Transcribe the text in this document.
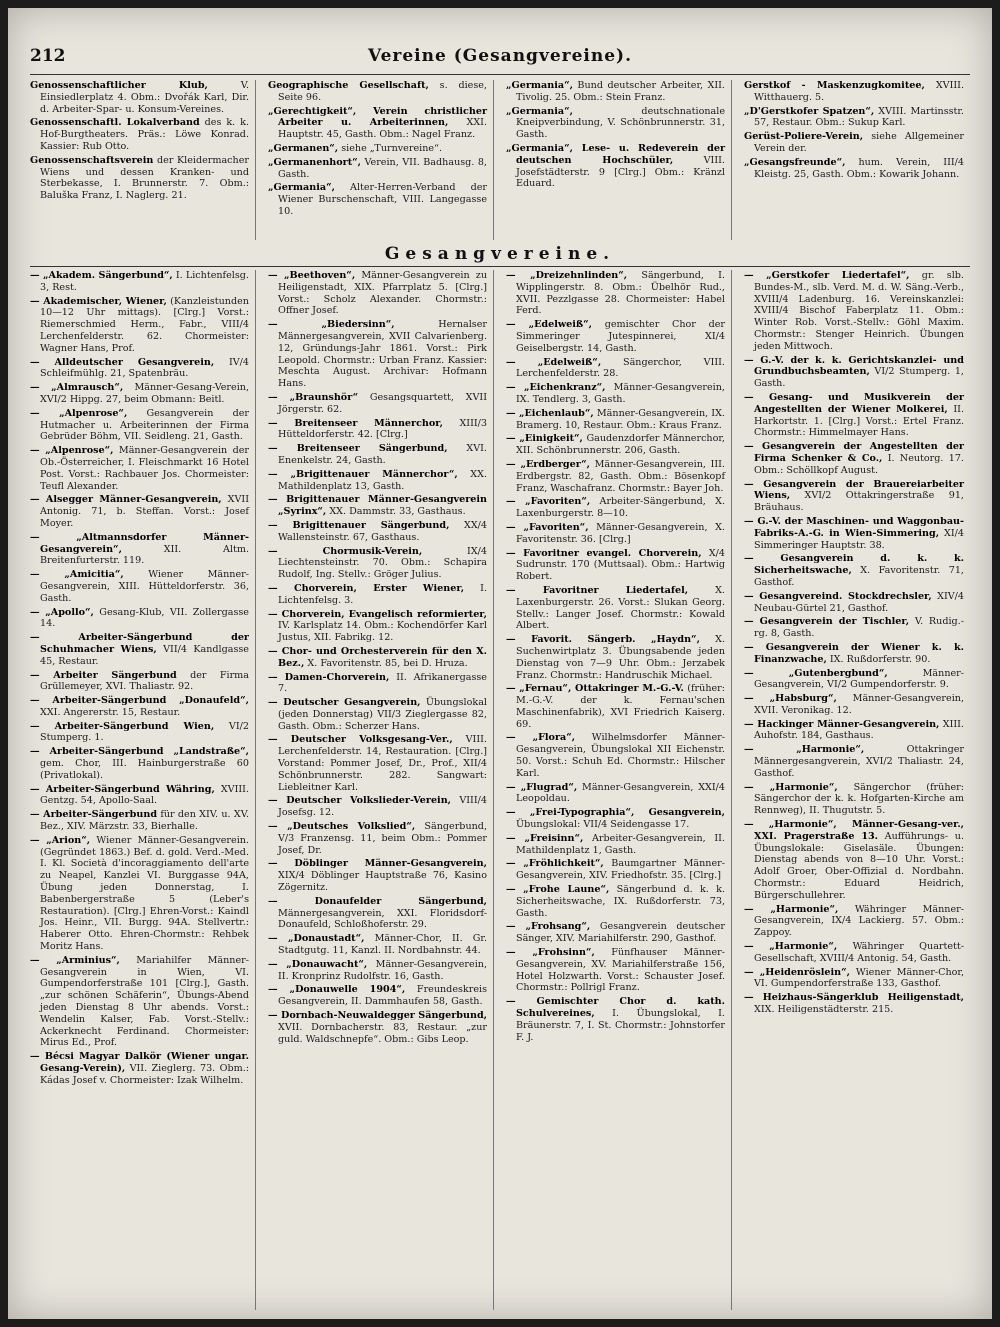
212	Vereine (Gesangvereine).
Genossenschaftlicher Klub,	V. Einsiedlerplatz 4. Obm.: Dvořák Karl, Dir. d. Arbeiter-Spar- u. Konsum-Vereines.
Genossenschaftl. Lokalverband des k. k. Hof-Burgtheaters. Präs.: Löwe Konrad. Kassier: Rub Otto.
Genossenschaftsverein der Kleidermacher Wiens und dessen Kranken- und Sterbekasse, I. Brunnerstr. 7. Obm.: Baluška Franz, I. Naglerg. 21.
Geographische Gesellschaft, s. diese, Seite 96.
„Gerechtigkeit“, Verein christlicher Arbeiter u. Arbeiterinnen, XXI. Hauptstr. 45, Gasth. Obm.: Nagel Franz.
„Germanen“, siehe „Turnvereine“.
„Germanenhort“, Verein, VII. Badhausg. 8, Gasth.
„Germania“, Alter-Herren-Verband der Wiener Burschenschaft, VIII. Langegasse 10.
„Germania“, Bund deutscher Arbeiter, XII. Tivolig. 25. Obm.: Stein Franz.
„Germania“,	deutschnationale Kneipverbindung, V. Schönbrunnerstr. 31, Gasth.
„Germania“, Lese- u. Redeverein der deutschen Hochschüler,	VIII. Josefstädterstr. 9 [Clrg.] Obm.: Kränzl Eduard.
Gerstkof - Maskenzugkomitee, XVIII. Witthauerg. 5.
„D'Gerstkofer Spatzen“, XVIII. Martinsstr. 57, Restaur. Obm.: Sukup Karl.
Gerüst-Poliere-Verein, siehe Allgemeiner Verein der.
„Gesangsfreunde“, hum. Verein, III/4 Kleistg. 25, Gasth. Obm.: Kowarik Johann.
Gesangvereine.
— „Akadem. Sängerbund“, I. Lichtenfelsg. 3, Rest.
— Akademischer, Wiener, (Kanzleistunden 10—12 Uhr mittags). [Clrg.] Vorst.: Riemerschmied Herm., Fabr., VIII/4 Lerchenfelderstr. 62. Chormeister: Wagner Hans, Prof.
— Alldeutscher Gesangverein, IV/4 Schleifmühlg. 21, Spatenbräu.
— „Almrausch“, Männer-Gesang-Verein, XVI/2 Hippg. 27, beim Obmann: Beitl.
— „Alpenrose“, Gesangverein der Hutmacher u. Arbeiterinnen der Firma Gebrüder Böhm, VII. Seidleng. 21, Gasth.
— „Alpenrose“, Männer-Gesangverein der Ob.-Österreicher, I. Fleischmarkt 16 Hotel Post. Vorst.: Rachbauer Jos. Chormeister: Teufl Alexander.
— Alsegger Männer-Gesangverein, XVII Antonig. 71, b. Steffan. Vorst.: Josef Moyer.
— „Altmannsdorfer Männer-Gesangverein“,	XII. Altm. Breitenfurterstr. 119.
— „Amicitia“,	Wiener Männer-Gesangverein, XIII. Hütteldorferstr. 36, Gasth.
— „Apollo“, Gesang-Klub, VII. Zollergasse 14.
— Arbeiter-Sängerbund der Schuhmacher Wiens, VII/4 Kandlgasse 45, Restaur.
— Arbeiter Sängerbund der Firma Grüllemeyer, XVI. Thaliastr. 92.
— Arbeiter-Sängerbund „Donaufeld“, XXI. Angererstr. 15, Restaur.
— Arbeiter-Sängerbund Wien, VI/2 Stumperg. 1.
— Arbeiter-Sängerbund „Landstraße“, gem. Chor, III. Hainburgerstraße 60 (Privatlokal).
— Arbeiter-Sängerbund Währing, XVIII. Gentzg. 54, Apollo-Saal.
— Arbeiter-Sängerbund für den XIV. u. XV. Bez., XIV. Märzstr. 33, Bierhalle.
— „Arion“, Wiener Männer-Gesangverein. (Gegründet 1863.) Bef. d. gold. Verd.-Med. I. Kl. Società d'incoraggiamento dell'arte zu Neapel, Kanzlei VI. Burggasse 94A, Übung jeden Donnerstag, I. Babenbergerstraße 5 (Leber's Restauration). [Clrg.] Ehren-Vorst.: Kaindl Jos. Heinr., VII. Burgg. 94A. Stellvertr.: Haberer Otto. Ehren-Chormstr.: Rehbek Moritz Hans.
— „Arminius“, Mariahilfer Männer-Gesangverein in Wien, VI. Gumpendorferstraße 101 [Clrg.], Gasth. „zur schönen Schäferin“, Übungs-Abend jeden Dienstag 8 Uhr abends. Vorst.: Wendelin Kalser, Fab. Vorst.-Stellv.: Ackerknecht Ferdinand. Chormeister: Mirus Ed., Prof.
— Bécsi Magyar Dalkör (Wiener ungar. Gesang-Verein), VII. Zieglerg. 73. Obm.: Kádas Josef v. Chormeister: Izak Wilhelm.
— „Beethoven“, Männer-Gesangverein zu Heiligenstadt, XIX. Pfarrplatz 5. [Clrg.] Vorst.: Scholz Alexander. Chormstr.: Offner Josef.
— „Biedersinn“,	Hernalser Männergesangverein, XVII Calvarienberg. 12, Gründungs-Jahr 1861. Vorst.: Pirk Leopold. Chormstr.: Urban Franz. Kassier: Meschta August. Archivar: Hofmann Hans.
— „Braunshör“ Gesangsquartett, XVII Jörgerstr. 62.
— Breitenseer Männerchor, XIII/3 Hütteldorferstr. 42. [Clrg.]
— Breitenseer Sängerbund, XVI. Enenkelstr. 24, Gasth.
— „Brigittenauer Männerchor“, XX. Mathildenplatz 13, Gasth.
— Brigittenauer Männer-Gesangverein „Syrinx“, XX. Dammstr. 33, Gasthaus.
— Brigittenauer Sängerbund, XX/4 Wallensteinstr. 67, Gasthaus.
— Chormusik-Verein,	IX/4 Liechtensteinstr. 70. Obm.: Schapira Rudolf, Ing. Stellv.: Gröger Julius.
— Chorverein, Erster Wiener, I. Lichtenfelsg. 3.
— Chorverein, Evangelisch reformierter, IV. Karlsplatz 14. Obm.: Kochendörfer Karl Justus, XII. Fabrikg. 12.
— Chor- und Orchesterverein für den X. Bez., X. Favoritenstr. 85, bei D. Hruza.
— Damen-Chorverein, II. Afrikanergasse 7.
— Deutscher Gesangverein, Übungslokal (jeden Donnerstag) VII/3 Zieglergasse 82, Gasth. Obm.: Scherzer Hans.
— Deutscher Volksgesang-Ver., VIII. Lerchenfelderstr. 14, Restauration. [Clrg.] Vorstand: Pommer Josef, Dr., Prof., XII/4 Schönbrunnerstr. 282. Sangwart: Liebleitner Karl.
— Deutscher Volkslieder-Verein, VIII/4 Josefsg. 12.
— „Deutsches Volkslied“, Sängerbund, V/3 Franzensg. 11, beim Obm.: Pommer Josef, Dr.
— Döblinger Männer-Gesangverein, XIX/4 Döblinger Hauptstraße 76, Kasino Zögernitz.
— Donaufelder Sängerbund, Männergesangverein, XXI. Floridsdorf-Donaufeld, Schloßhoferstr. 29.
— „Donaustadt“, Männer-Chor, II. Gr. Stadtgutg. 11, Kanzl. II. Nordbahnstr. 44.
— „Donauwacht“, Männer-Gesangverein, II. Kronprinz Rudolfstr. 16, Gasth.
— „Donauwelle 1904“, Freundeskreis Gesangverein, II. Dammhaufen 58, Gasth.
— Dornbach-Neuwaldegger Sängerbund, XVII. Dornbacherstr. 83, Restaur. „zur guld. Waldschnepfe“. Obm.: Gibs Leop.
— „Dreizehnlinden“, Sängerbund, I. Wipplingerstr. 8. Obm.: Übelhör Rud., XVII. Pezzlgasse 28. Chormeister: Habel Ferd.
— „Edelweiß“, gemischter Chor der Simmeringer Jutespinnerei, XI/4 Geiselbergstr. 14, Gasth.
— „Edelweiß“, Sängerchor, VIII. Lerchenfelderstr. 28.
— „Eichenkranz“, Männer-Gesangverein, IX. Tendlerg. 3, Gasth.
— „Eichenlaub“, Männer-Gesangverein, IX. Bramerg. 10, Restaur. Obm.: Kraus Franz.
— „Einigkeit“, Gaudenzdorfer Männerchor, XII. Schönbrunnerstr. 206, Gasth.
— „Erdberger“, Männer-Gesangverein, III. Erdbergstr. 82, Gasth. Obm.: Bösenkopf Franz, Waschafranz. Chormstr.: Bayer Joh.
— „Favoriten“, Arbeiter-Sängerbund, X. Laxenburgerstr. 8—10.
— „Favoriten“, Männer-Gesangverein, X. Favoritenstr. 36. [Clrg.]
— Favoritner evangel. Chorverein, X/4 Sudrunstr. 170 (Muttsaal). Obm.: Hartwig Robert.
— Favoritner Liedertafel,	X. Laxenburgerstr. 26. Vorst.: Slukan Georg. Stellv.: Langer Josef. Chormstr.: Kowald Albert.
— Favorit. Sängerb. „Haydn“, X. Suchenwirtplatz 3. Übungsabende jeden Dienstag von 7—9 Uhr. Obm.: Jerzabek Franz. Chormstr.: Handruschik Michael.
— „Fernau“, Ottakringer M.-G.-V. (früher: M.-G.-V. der k. Fernau'schen Maschinenfabrik), XVI Friedrich Kaiserg. 69.
— „Flora“, Wilhelmsdorfer Männer-Gesangverein, Übungslokal XII Eichenstr. 50. Vorst.: Schuh Ed. Chormstr.: Hilscher Karl.
— „Flugrad“, Männer-Gesangverein, XXI/4 Leopoldau.
— „Frei-Typographia“, Gesangverein, Übungslokal: VII/4 Seidengasse 17.
— „Freisinn“, Arbeiter-Gesangverein, II. Mathildenplatz 1, Gasth.
— „Fröhlichkeit“, Baumgartner Männer-Gesangverein, XIV. Friedhofstr. 35. [Clrg.]
— „Frohe Laune“, Sängerbund d. k. k. Sicherheitswache, IX. Rußdorferstr. 73, Gasth.
— „Frohsang“, Gesangverein deutscher Sänger, XIV. Mariahilferstr. 290, Gasthof.
— „Frohsinn“, Fünfhauser Männer-Gesangverein, XV. Mariahilferstraße 156, Hotel Holzwarth. Vorst.: Schauster Josef. Chormstr.: Pollrigl Franz.
— Gemischter Chor d. kath. Schulvereines, I. Übungslokal, I. Bräunerstr. 7, I. St. Chormstr.: Johnstorfer F. J.
— „Gerstkofer Liedertafel“, gr. slb. Bundes-M., slb. Verd. M. d. W. Säng.-Verb., XVIII/4 Ladenburg. 16. Vereinskanzlei: XVIII/4 Bischof Faberplatz 11. Obm.: Winter Rob. Vorst.-Stellv.: Göhl Maxim. Chormstr.: Stenger Heinrich. Übungen jeden Mittwoch.
— G.-V. der k. k. Gerichtskanzlei- und Grundbuchsbeamten, VI/2 Stumperg. 1, Gasth.
— Gesang- und Musikverein der Angestellten der Wiener Molkerei, II. Harkortstr. 1. [Clrg.] Vorst.: Ertel Franz. Chormstr.: Himmelmayer Hans.
— Gesangverein der Angestellten der Firma Schenker & Co., I. Neutorg. 17. Obm.: Schöllkopf August.
— Gesangverein der Brauereiarbeiter Wiens, XVI/2 Ottakringerstraße 91, Bräuhaus.
— G.-V. der Maschinen- und Waggonbau-Fabriks-A.-G. in Wien-Simmering, XI/4 Simmeringer Hauptstr. 38.
— Gesangverein d. k. k. Sicherheitswache, X. Favoritenstr. 71, Gasthof.
— Gesangvereind. Stockdrechsler, XIV/4 Neubau-Gürtel 21, Gasthof.
— Gesangverein der Tischler, V. Rudig.-rg. 8, Gasth.
— Gesangverein der Wiener k. k. Finanzwache, IX. Rußdorferstr. 90.
— „Gutenbergbund“,	Männer-Gesangverein, VI/2 Gumpendorferstr. 9.
— „Habsburg“, Männer-Gesangverein, XVII. Veronikag. 12.
— Hackinger Männer-Gesangverein, XIII. Auhofstr. 184, Gasthaus.
— „Harmonie“,	Ottakringer Männergesangverein, XVI/2 Thaliastr. 24, Gasthof.
— „Harmonie“, Sängerchor (früher: Sängerchor der k. k. Hofgarten-Kirche am Rennweg), II. Thugutstr. 5.
— „Harmonie“, Männer-Gesang-ver., XXI. Pragerstraße 13. Aufführungs- u. Übungslokale: Giselasäle. Übungen: Dienstag abends von 8—10 Uhr. Vorst.: Adolf Groer, Ober-Offizial d. Nordbahn. Chormstr.: Eduard Heidrich, Bürgerschullehrer.
— „Harmonie“, Währinger Männer-Gesangverein, IX/4 Lackierg. 57. Obm.: Zappoy.
— „Harmonie“, Währinger Quartett-Gesellschaft, XVIII/4 Antonig. 54, Gasth.
— „Heidenröslein“, Wiener Männer-Chor, VI. Gumpendorferstraße 133, Gasthof.
— Heizhaus-Sängerklub Heiligenstadt, XIX. Heiligenstädterstr. 215.
